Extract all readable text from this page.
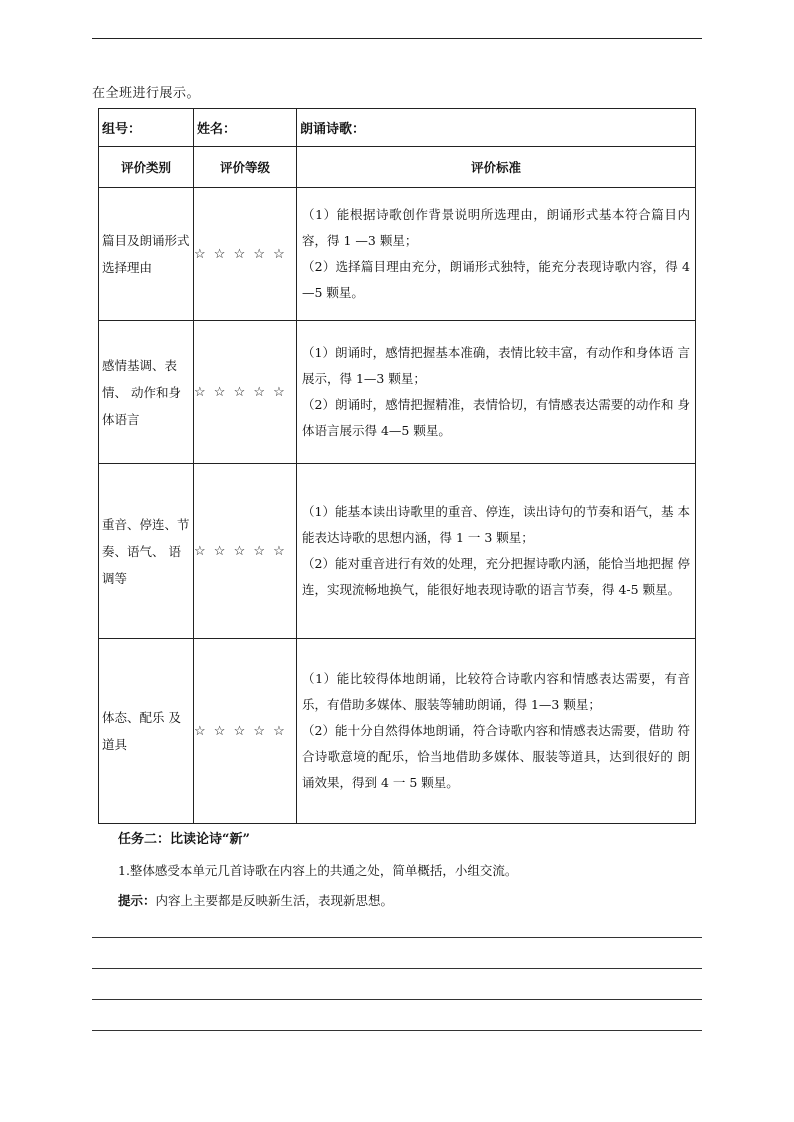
在全班进行展示。
组号：	姓名：	朗诵诗歌：
评价类别	评价等级	评价标准
篇目及朗诵形式 选择理由	☆ ☆ ☆ ☆ ☆	（1）能根据诗歌创作背景说明所选理由，朗诵形式基本符合篇目内 容，得 1 —3 颗星；
（2）选择篇目理由充分，朗诵形式独特，能充分表现诗歌内容，得 4—5 颗星。

感情基调、表情、 动作和身体语言	☆ ☆ ☆ ☆ ☆	（1）朗诵时，感情把握基本准确，表情比较丰富，有动作和身体语 言展示，得 1—3 颗星；
（2）朗诵时，感情把握精准，表情恰切，有情感表达需要的动作和 身体语言展示得 4—5 颗星。

重音、停连、节奏、语气、 语调等	☆ ☆ ☆ ☆ ☆	（1）能基本读出诗歌里的重音、停连，读出诗句的节奏和语气，基 本能表达诗歌的思想内涵，得 1 一 3 颗星；
（2）能对重音进行有效的处理，充分把握诗歌内涵，能恰当地把握 停连，实现流畅地换气，能很好地表现诗歌的语言节奏，得 4-5 颗星。

体态、配乐 及道具	☆ ☆ ☆ ☆ ☆	（1）能比较得体地朗诵，比较符合诗歌内容和情感表达需要，有音 乐，有借助多媒体、服装等辅助朗诵，得 1—3 颗星；
（2）能十分自然得体地朗诵，符合诗歌内容和情感表达需要，借助 符合诗歌意境的配乐，恰当地借助多媒体、服装等道具，达到很好的 朗诵效果，得到 4 一 5 颗星。
任务二：比读论诗“新”
1.整体感受本单元几首诗歌在内容上的共通之处，简单概括，小组交流。
提示：内容上主要都是反映新生活，表现新思想。
